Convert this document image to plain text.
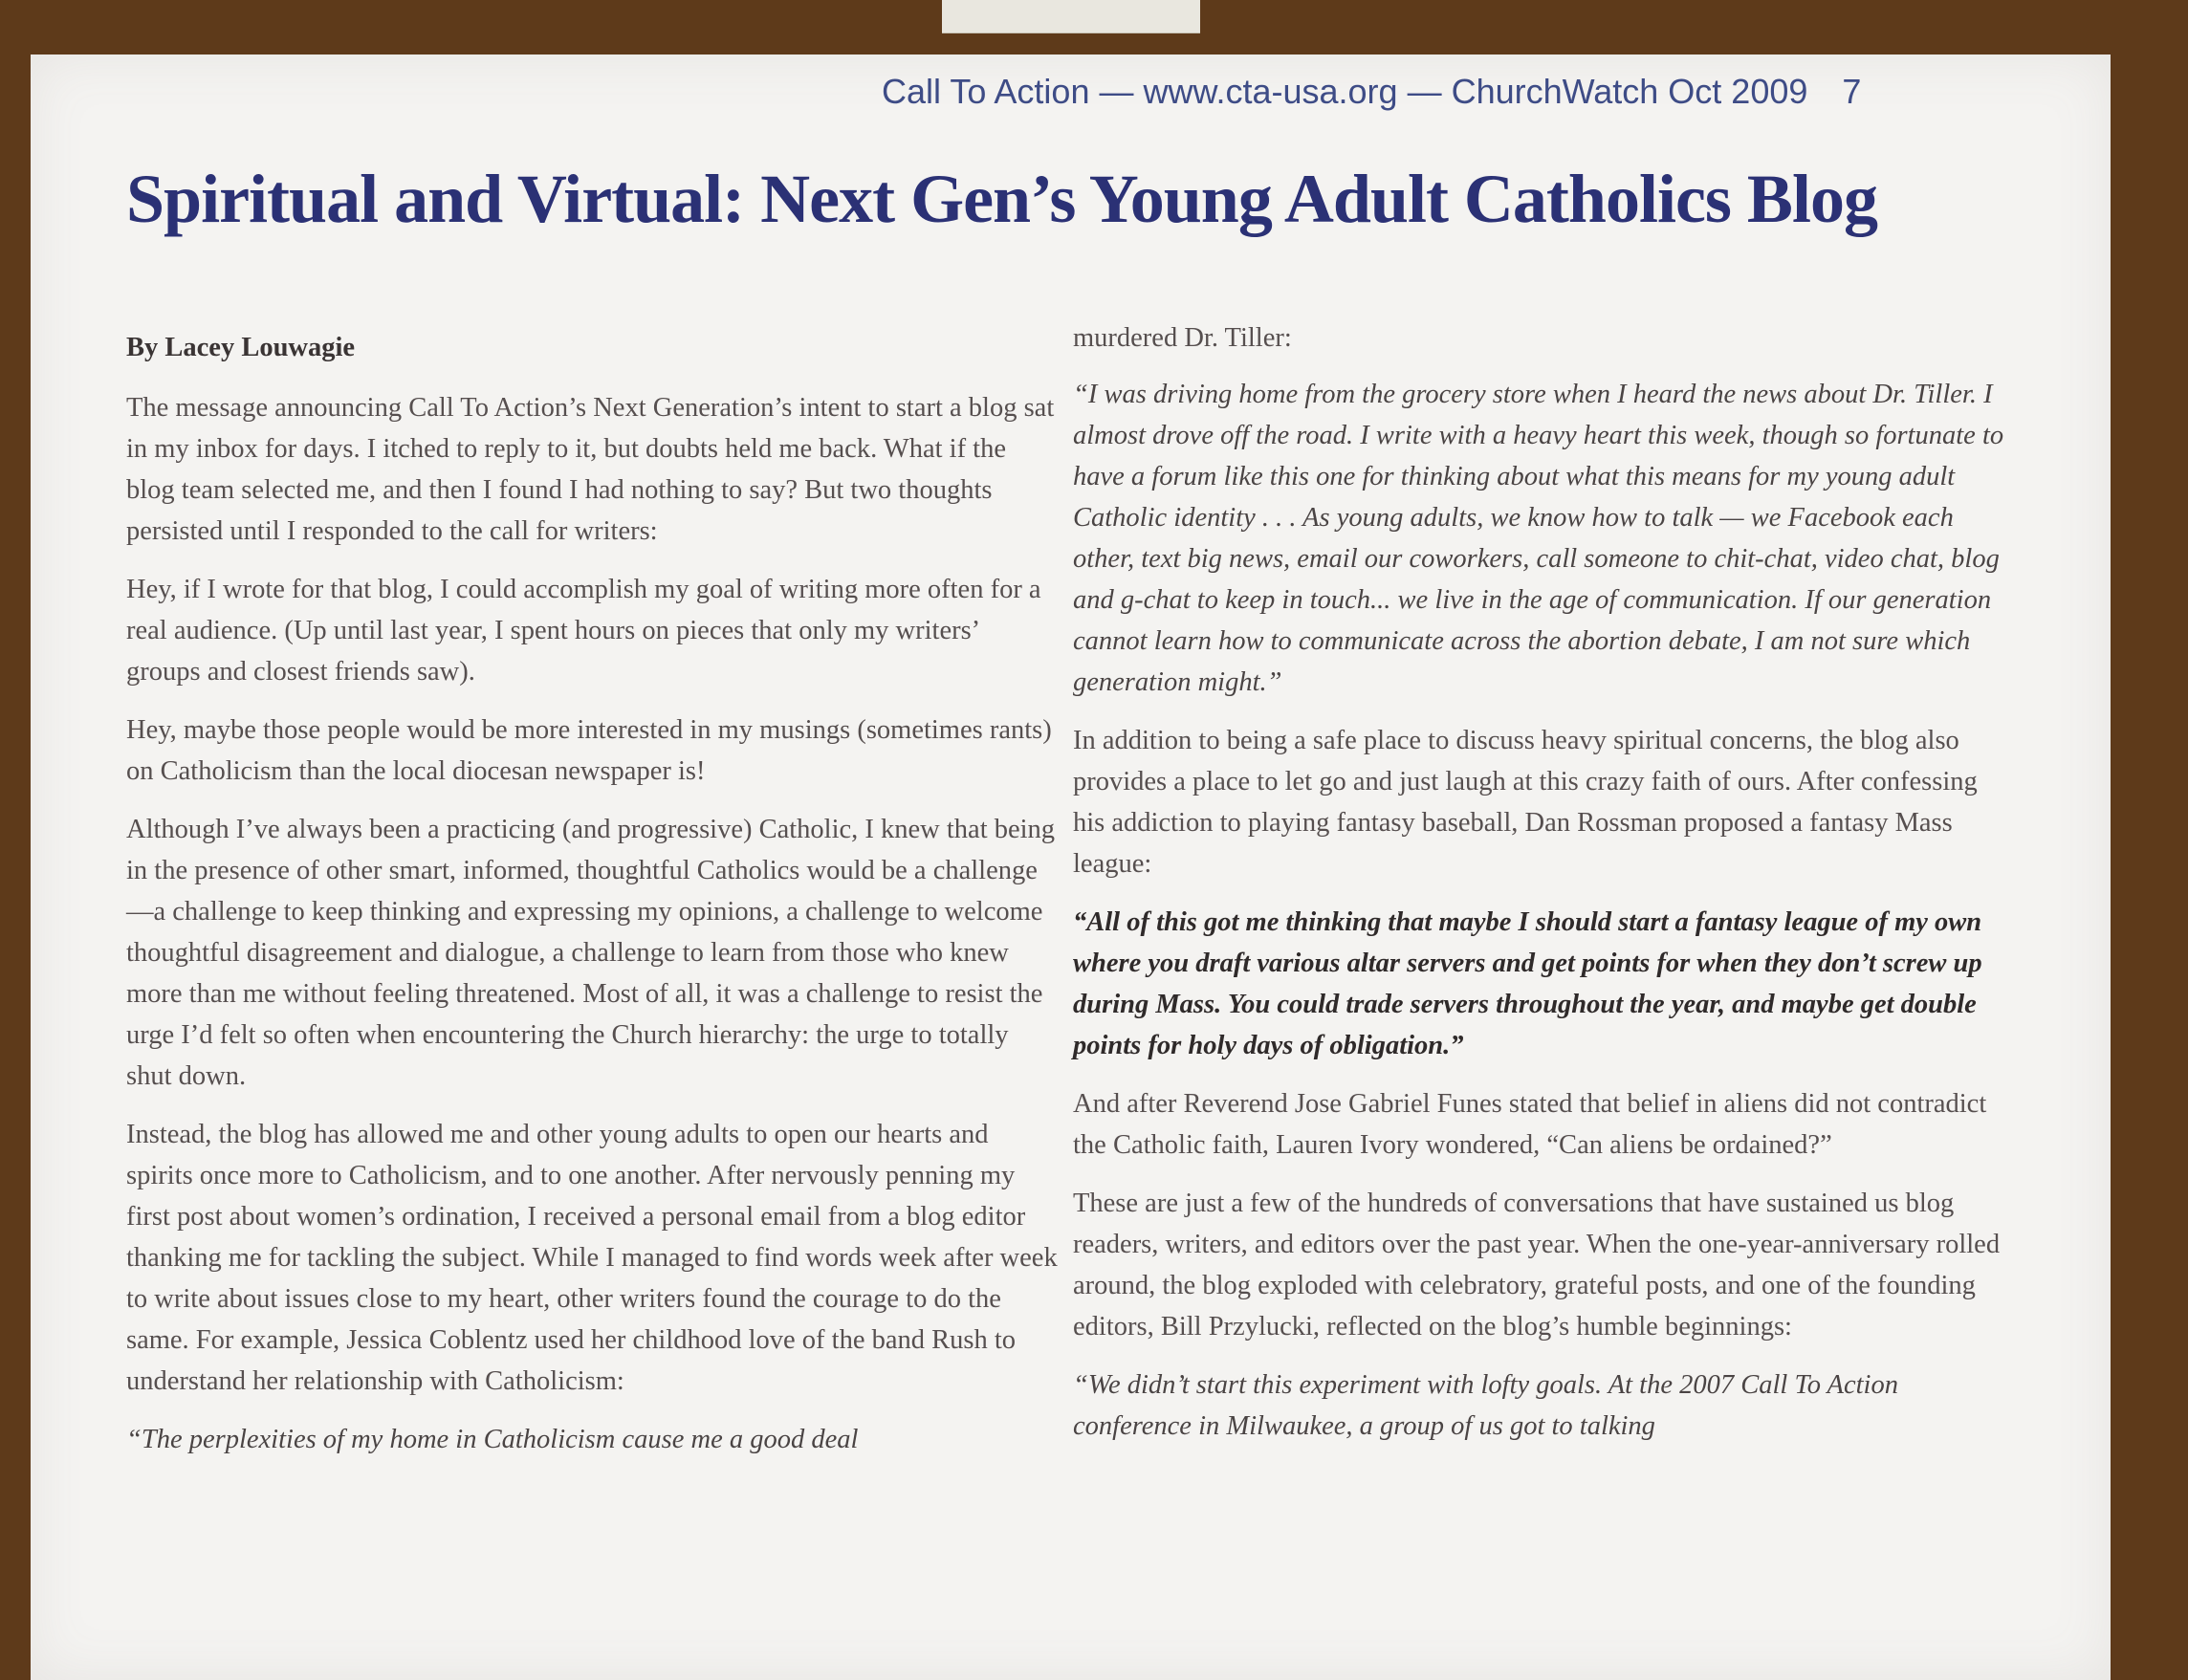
Call To Action — www.cta-usa.org — ChurchWatch Oct 2009 7
Spiritual and Virtual: Next Gen’s Young Adult Catholics Blog

By Lacey Louwagie

The message announcing Call To Action’s Next Generation’s intent to start a blog sat in my inbox for days. I itched to reply to it, but doubts held me back. What if the blog team selected me, and then I found I had nothing to say? But two thoughts persisted until I responded to the call for writers:

Hey, if I wrote for that blog, I could accomplish my goal of writing more often for a real audience. (Up until last year, I spent hours on pieces that only my writers’ groups and closest friends saw).

Hey, maybe those people would be more interested in my musings (sometimes rants) on Catholicism than the local diocesan newspaper is!

Although I’ve always been a practicing (and progressive) Catholic, I knew that being in the presence of other smart, informed, thoughtful Catholics would be a challenge—a challenge to keep thinking and expressing my opinions, a challenge to welcome thoughtful disagreement and dialogue, a challenge to learn from those who knew more than me without feeling threatened. Most of all, it was a challenge to resist the urge I’d felt so often when encountering the Church hierarchy: the urge to totally shut down.

Instead, the blog has allowed me and other young adults to open our hearts and spirits once more to Catholicism, and to one another. After nervously penning my first post about women’s ordination, I received a personal email from a blog editor thanking me for tackling the subject. While I managed to find words week after week to write about issues close to my heart, other writers found the courage to do the same. For example, Jessica Coblentz used her childhood love of the band Rush to understand her relationship with Catholicism:

“The perplexities of my home in Catholicism cause me a good deal

murdered Dr. Tiller:

“I was driving home from the grocery store when I heard the news about Dr. Tiller. I almost drove off the road. I write with a heavy heart this week, though so fortunate to have a forum like this one for thinking about what this means for my young adult Catholic identity . . . As young adults, we know how to talk — we Facebook each other, text big news, email our coworkers, call someone to chit-chat, video chat, blog and g-chat to keep in touch... we live in the age of communication. If our generation cannot learn how to communicate across the abortion debate, I am not sure which generation might.”

In addition to being a safe place to discuss heavy spiritual concerns, the blog also provides a place to let go and just laugh at this crazy faith of ours. After confessing his addiction to playing fantasy baseball, Dan Rossman proposed a fantasy Mass league:

“All of this got me thinking that maybe I should start a fantasy league of my own where you draft various altar servers and get points for when they don’t screw up during Mass. You could trade servers throughout the year, and maybe get double points for holy days of obligation.”

And after Reverend Jose Gabriel Funes stated that belief in aliens did not contradict the Catholic faith, Lauren Ivory wondered, “Can aliens be ordained?”

These are just a few of the hundreds of conversations that have sustained us blog readers, writers, and editors over the past year. When the one-year-anniversary rolled around, the blog exploded with celebratory, grateful posts, and one of the founding editors, Bill Przylucki, reflected on the blog’s humble beginnings:

“We didn’t start this experiment with lofty goals. At the 2007 Call To Action conference in Milwaukee, a group of us got to talking
